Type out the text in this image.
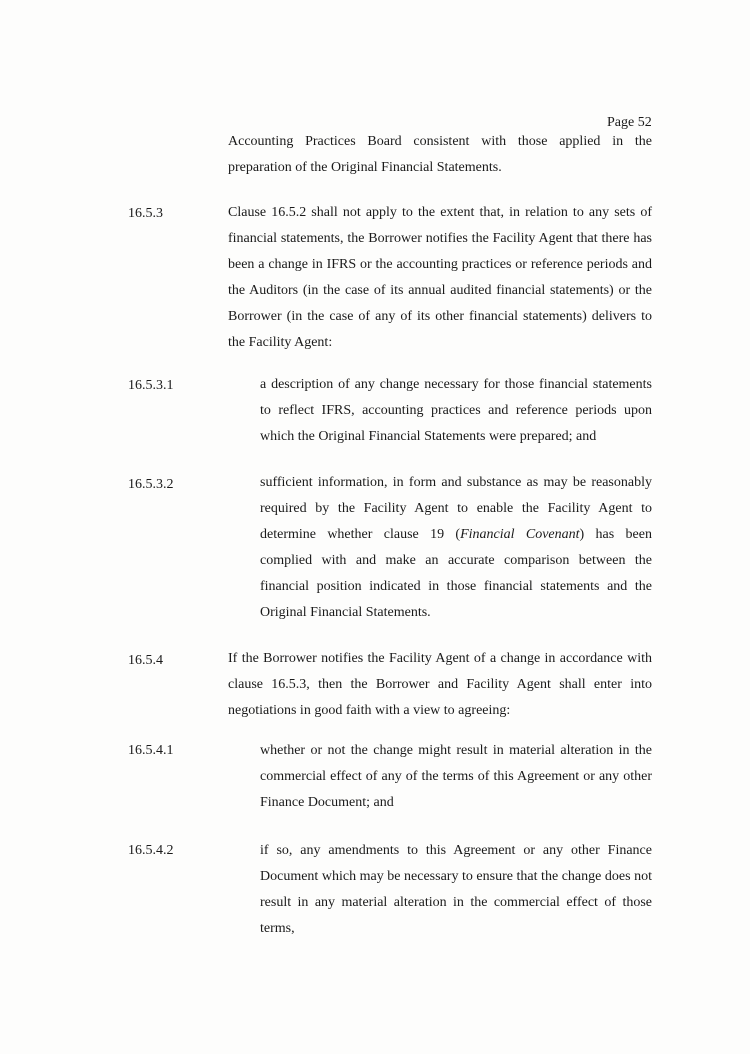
Page 52
Accounting Practices Board consistent with those applied in the
preparation of the Original Financial Statements.
16.5.3	Clause 16.5.2 shall not apply to the extent that, in relation to any sets of financial statements, the Borrower notifies the Facility Agent that there has been a change in IFRS or the accounting practices or reference periods and the Auditors (in the case of its annual audited financial statements) or the Borrower (in the case of any of its other financial statements) delivers to the Facility Agent:
16.5.3.1	a description of any change necessary for those financial statements to reflect IFRS, accounting practices and reference periods upon which the Original Financial Statements were prepared; and
16.5.3.2	sufficient information, in form and substance as may be reasonably required by the Facility Agent to enable the Facility Agent to determine whether clause 19 (Financial Covenant) has been complied with and make an accurate comparison between the financial position indicated in those financial statements and the Original Financial Statements.
16.5.4	If the Borrower notifies the Facility Agent of a change in accordance with clause 16.5.3, then the Borrower and Facility Agent shall enter into negotiations in good faith with a view to agreeing:
16.5.4.1	whether or not the change might result in material alteration in the commercial effect of any of the terms of this Agreement or any other Finance Document; and
16.5.4.2	if so, any amendments to this Agreement or any other Finance Document which may be necessary to ensure that the change does not result in any material alteration in the commercial effect of those terms,
